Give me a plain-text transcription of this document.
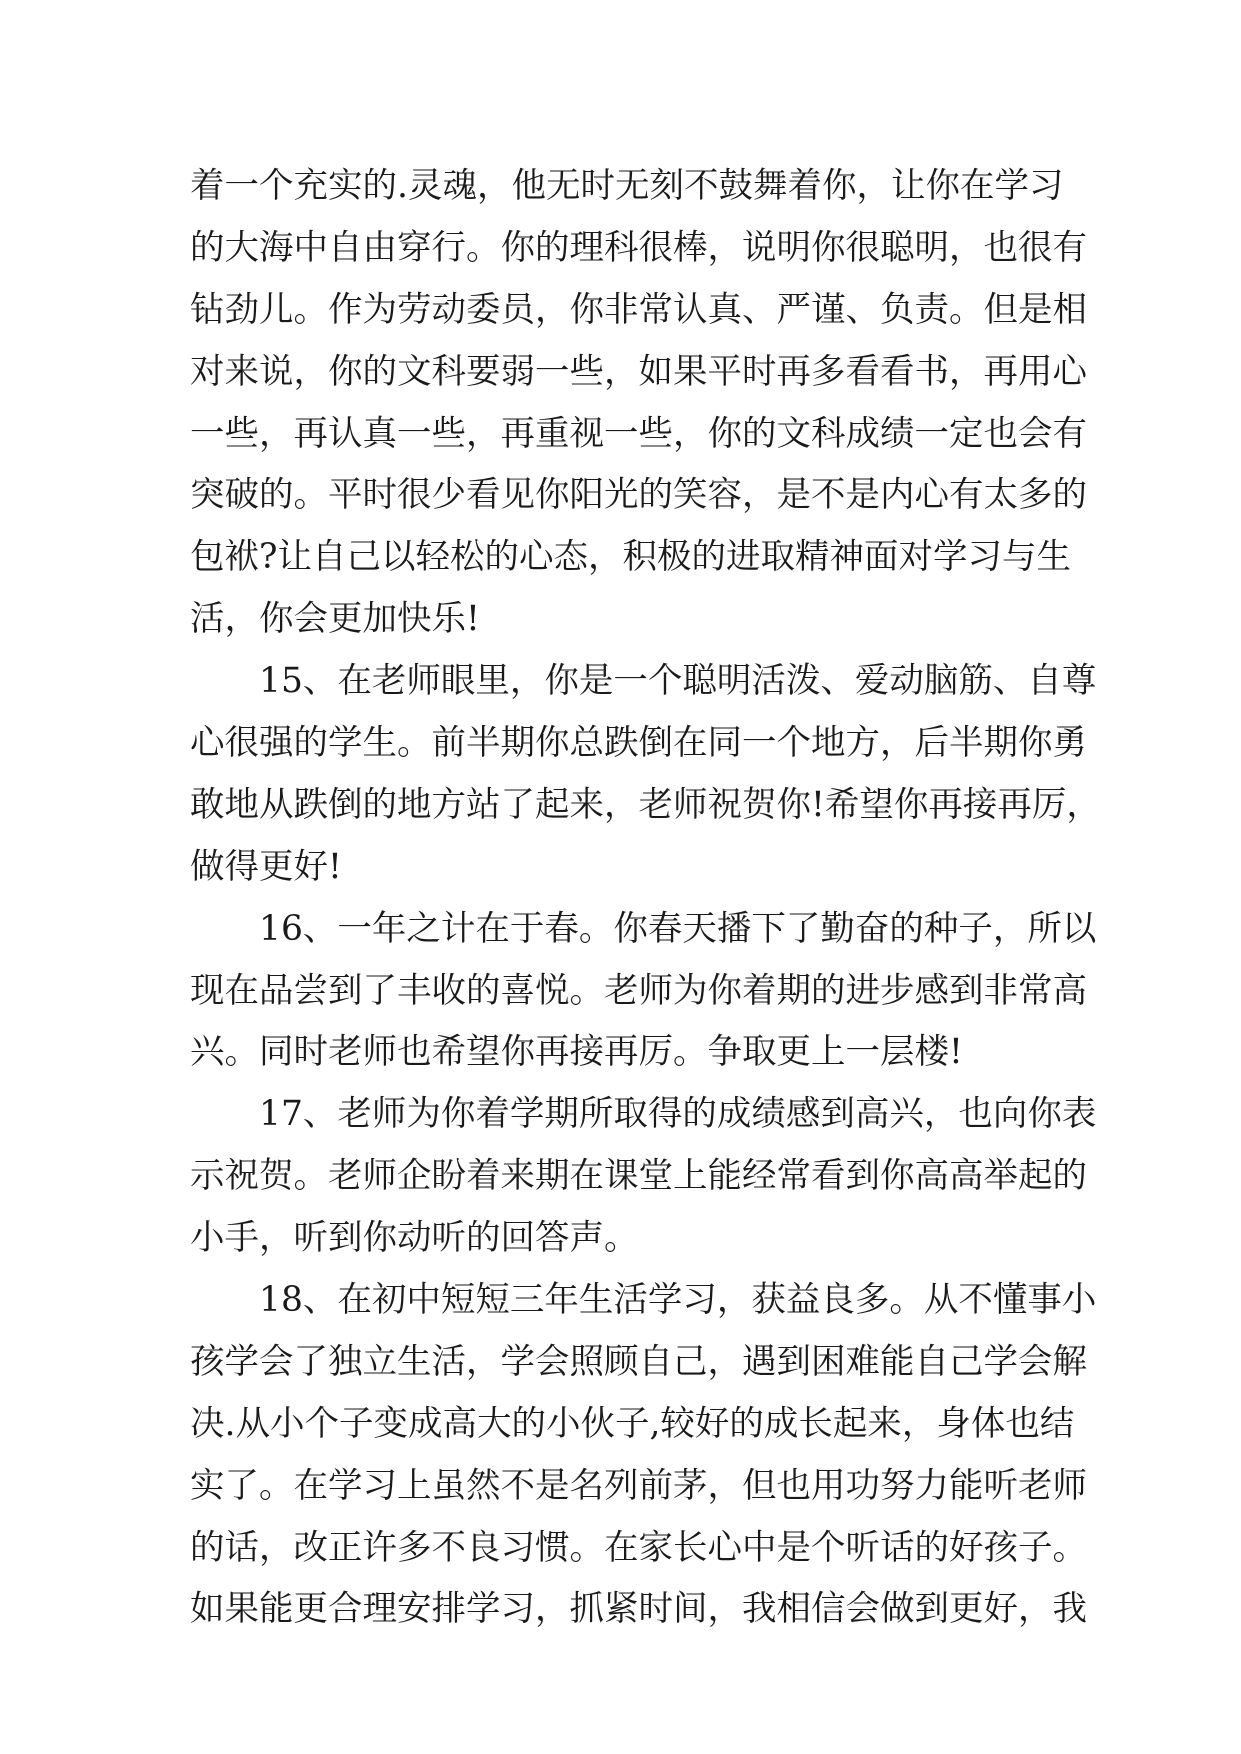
着一个充实的.灵魂，他无时无刻不鼓舞着你，让你在学习
的大海中自由穿行。你的理科很棒，说明你很聪明，也很有
钻劲儿。作为劳动委员，你非常认真、严谨、负责。但是相
对来说，你的文科要弱一些，如果平时再多看看书，再用心
一些，再认真一些，再重视一些，你的文科成绩一定也会有
突破的。平时很少看见你阳光的笑容，是不是内心有太多的
包袱?让自己以轻松的心态，积极的进取精神面对学习与生
活，你会更加快乐!
15、在老师眼里，你是一个聪明活泼、爱动脑筋、自尊
心很强的学生。前半期你总跌倒在同一个地方，后半期你勇
敢地从跌倒的地方站了起来，老师祝贺你!希望你再接再厉，
做得更好!
16、一年之计在于春。你春天播下了勤奋的种子，所以
现在品尝到了丰收的喜悦。老师为你着期的进步感到非常高
兴。同时老师也希望你再接再厉。争取更上一层楼!
17、老师为你着学期所取得的成绩感到高兴，也向你表
示祝贺。老师企盼着来期在课堂上能经常看到你高高举起的
小手，听到你动听的回答声。
18、在初中短短三年生活学习，获益良多。从不懂事小
孩学会了独立生活，学会照顾自己，遇到困难能自己学会解
决.从小个子变成高大的小伙子,较好的成长起来，身体也结
实了。在学习上虽然不是名列前茅，但也用功努力能听老师
的话，改正许多不良习惯。在家长心中是个听话的好孩子。
如果能更合理安排学习，抓紧时间，我相信会做到更好，我
